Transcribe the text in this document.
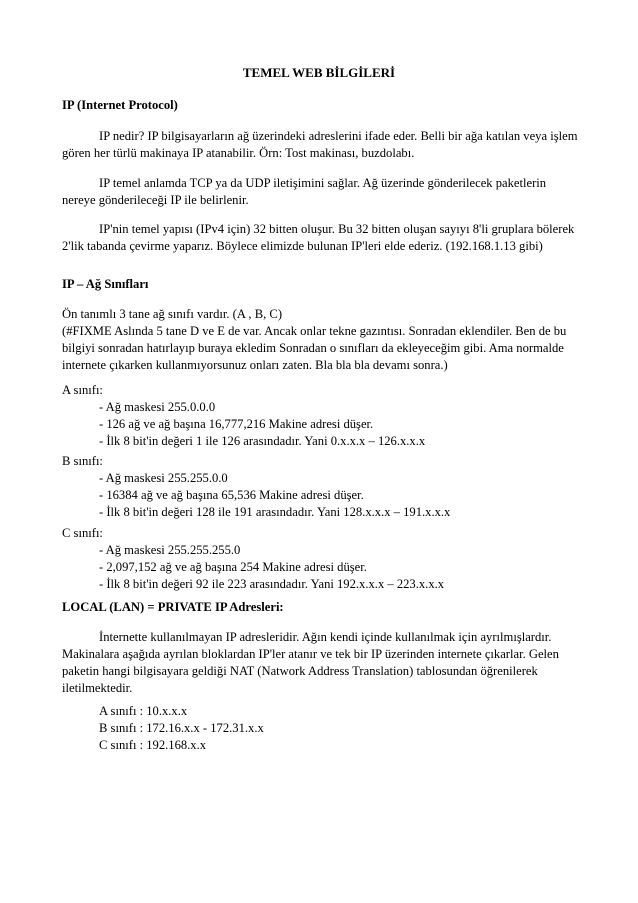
TEMEL WEB BİLGİLERİ
IP (Internet Protocol)
IP nedir? IP bilgisayarların ağ üzerindeki adreslerini ifade eder. Belli bir ağa katılan veya işlem gören her türlü makinaya IP atanabilir. Örn: Tost makinası, buzdolabı.
IP temel anlamda TCP ya da UDP iletişimini sağlar. Ağ üzerinde gönderilecek paketlerin nereye gönderileceği IP ile belirlenir.
IP'nin temel yapısı (IPv4 için) 32 bitten oluşur. Bu 32 bitten oluşan sayıyı 8'li gruplara bölerek 2'lik tabanda çevirme yaparız. Böylece elimizde bulunan IP'leri elde ederiz. (192.168.1.13 gibi)
IP – Ağ Sınıfları
Ön tanımlı 3 tane ağ sınıfı vardır. (A , B, C)
(#FIXME Aslında 5 tane D ve E de var. Ancak onlar tekne gazıntısı. Sonradan eklendiler. Ben de bu bilgiyi sonradan hatırlayıp buraya ekledim Sonradan o sınıfları da ekleyeceğim gibi. Ama normalde internete çıkarken kullanmıyorsunuz onları zaten. Bla bla bla devamı sonra.)
A sınıfı:
- Ağ maskesi 255.0.0.0
- 126 ağ ve ağ başına 16,777,216 Makine adresi düşer.
- İlk 8 bit'in değeri 1 ile 126 arasındadır. Yani 0.x.x.x – 126.x.x.x
B sınıfı:
- Ağ maskesi 255.255.0.0
- 16384 ağ ve ağ başına 65,536 Makine adresi düşer.
- İlk 8 bit'in değeri 128 ile 191 arasındadır. Yani 128.x.x.x – 191.x.x.x
C sınıfı:
- Ağ maskesi 255.255.255.0
- 2,097,152 ağ ve ağ başına 254 Makine adresi düşer.
- İlk 8 bit'in değeri 92 ile 223 arasındadır. Yani 192.x.x.x – 223.x.x.x
LOCAL (LAN) = PRIVATE IP Adresleri:
İnternette kullanılmayan IP adresleridir. Ağın kendi içinde kullanılmak için ayrılmışlardır. Makinalara aşağıda ayrılan bloklardan IP'ler atanır ve tek bir IP üzerinden internete çıkarlar. Gelen paketin hangi bilgisayara geldiği NAT (Natwork Address Translation) tablosundan öğrenilerek iletilmektedir.
A sınıfı : 10.x.x.x
B sınıfı : 172.16.x.x - 172.31.x.x
C sınıfı : 192.168.x.x
